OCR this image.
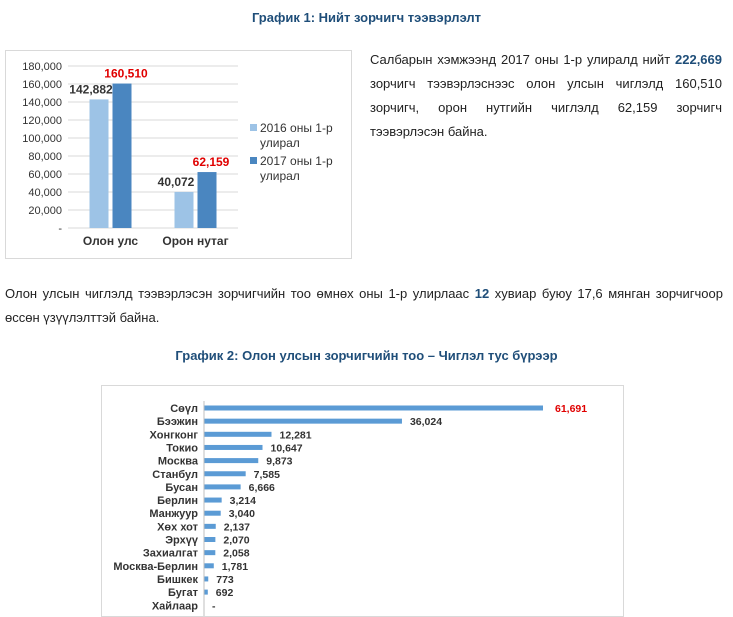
График 1: Нийт зорчигч тээвэрлэлт
-
20,000
40,000
60,000
80,000
100,000
120,000
140,000
160,000
180,000
142,882
160,510
Олон улс
40,072
62,159
Орон нутаг
2016 оны 1-р улирал
2017 оны 1-р улирал
Салбарын хэмжээнд 2017 оны 1-р улиралд нийт 222,669 зорчигч тээвэрлэснээс олон улсын чиглэлд 160,510 зорчигч, орон нутгийн чиглэлд 62,159 зорчигч тээвэрлэсэн байна.
Олон улсын чиглэлд тээвэрлэсэн зорчигчийн тоо өмнөх оны 1-р улирлаас 12 хувиар буюу 17,6 мянган зорчигчоор өссөн үзүүлэлттэй байна.
График 2: Олон улсын зорчигчийн тоо – Чиглэл тус бүрээр
Сөүл	61,691
Бээжин	36,024
Хонгконг	12,281
Токио	10,647
Москва	9,873
Станбул	7,585
Бусан	6,666
Берлин	3,214
Манжуур	3,040
Хөх хот 2,137
Эрхүү 2,070
Захиалгат 2,058
Москва-Берлин 1,781
Бишкек 773
Бугат 692
Хайлаар -
